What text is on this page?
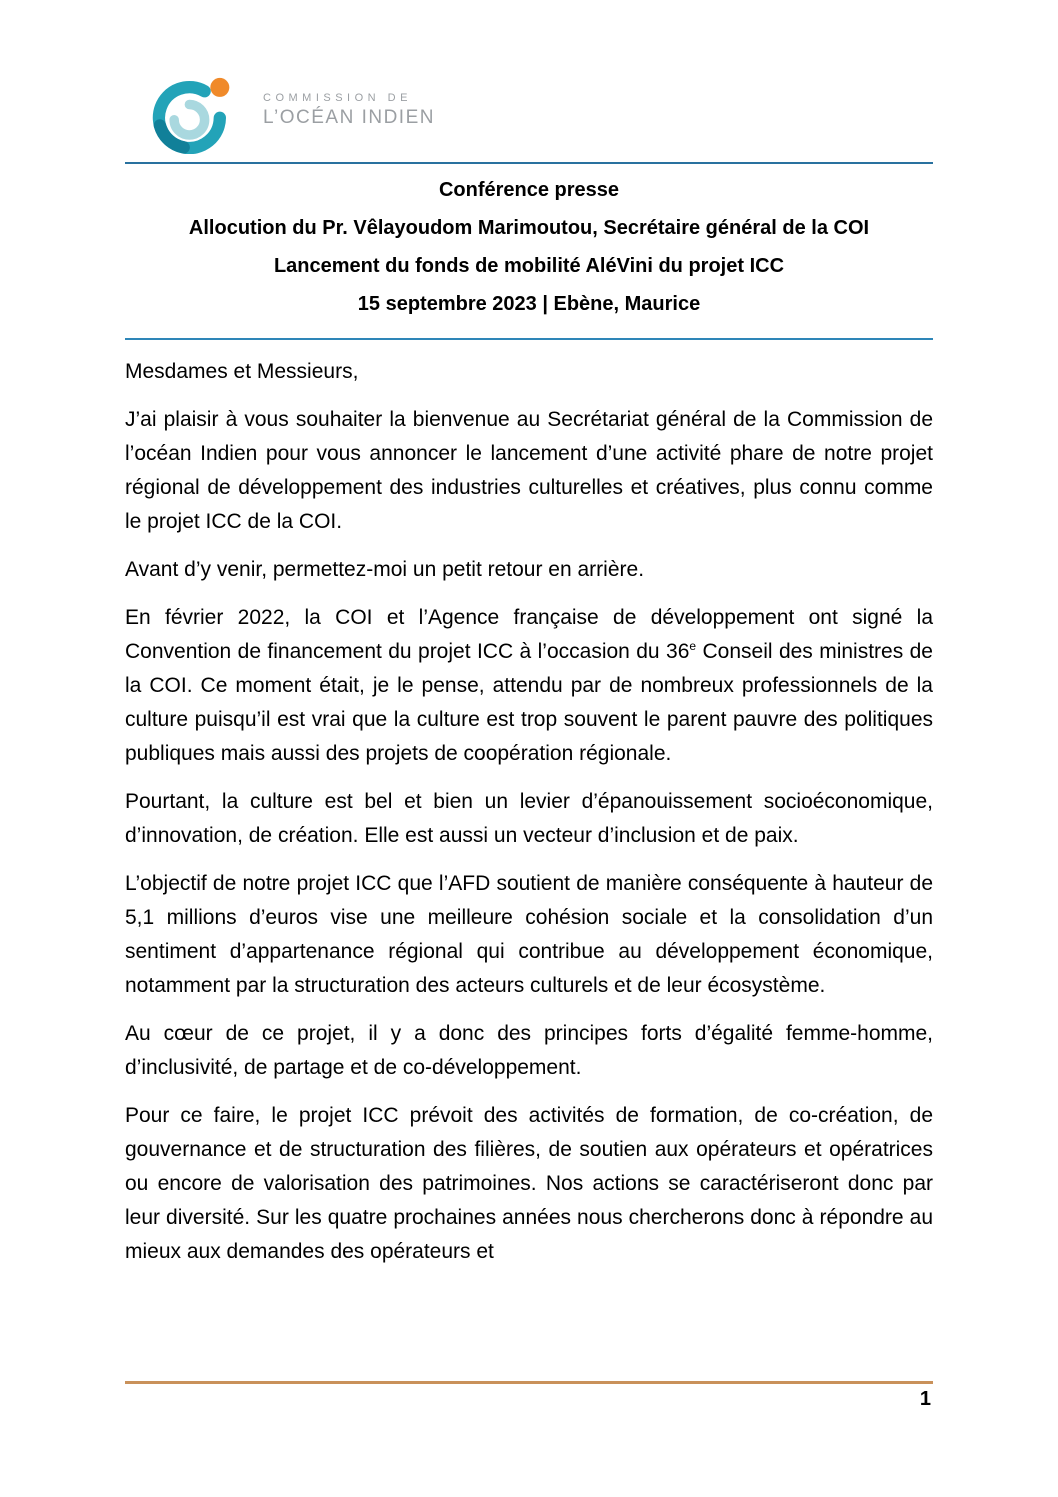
COMMISSION DE
L’OCÉAN INDIEN

Conférence presse

Allocution du Pr. Vêlayoudom Marimoutou, Secrétaire général de la COI

Lancement du fonds de mobilité AléVini du projet ICC

15 septembre 2023 | Ebène, Maurice

Mesdames et Messieurs,

J’ai plaisir à vous souhaiter la bienvenue au Secrétariat général de la Commission de l’océan Indien pour vous annoncer le lancement d’une activité phare de notre projet régional de développement des industries culturelles et créatives, plus connu comme le projet ICC de la COI.

Avant d’y venir, permettez-moi un petit retour en arrière.

En février 2022, la COI et l’Agence française de développement ont signé la Convention de financement du projet ICC à l’occasion du 36e Conseil des ministres de la COI. Ce moment était, je le pense, attendu par de nombreux professionnels de la culture puisqu’il est vrai que la culture est trop souvent le parent pauvre des politiques publiques mais aussi des projets de coopération régionale.

Pourtant, la culture est bel et bien un levier d’épanouissement socioéconomique, d’innovation, de création. Elle est aussi un vecteur d’inclusion et de paix.

L’objectif de notre projet ICC que l’AFD soutient de manière conséquente à hauteur de 5,1 millions d’euros vise une meilleure cohésion sociale et la consolidation d’un sentiment d’appartenance régional qui contribue au développement économique, notamment par la structuration des acteurs culturels et de leur écosystème.

Au cœur de ce projet, il y a donc des principes forts d’égalité femme-homme, d’inclusivité, de partage et de co-développement.

Pour ce faire, le projet ICC prévoit des activités de formation, de co-création, de gouvernance et de structuration des filières, de soutien aux opérateurs et opératrices ou encore de valorisation des patrimoines. Nos actions se caractériseront donc par leur diversité. Sur les quatre prochaines années nous chercherons donc à répondre au mieux aux demandes des opérateurs et

1
